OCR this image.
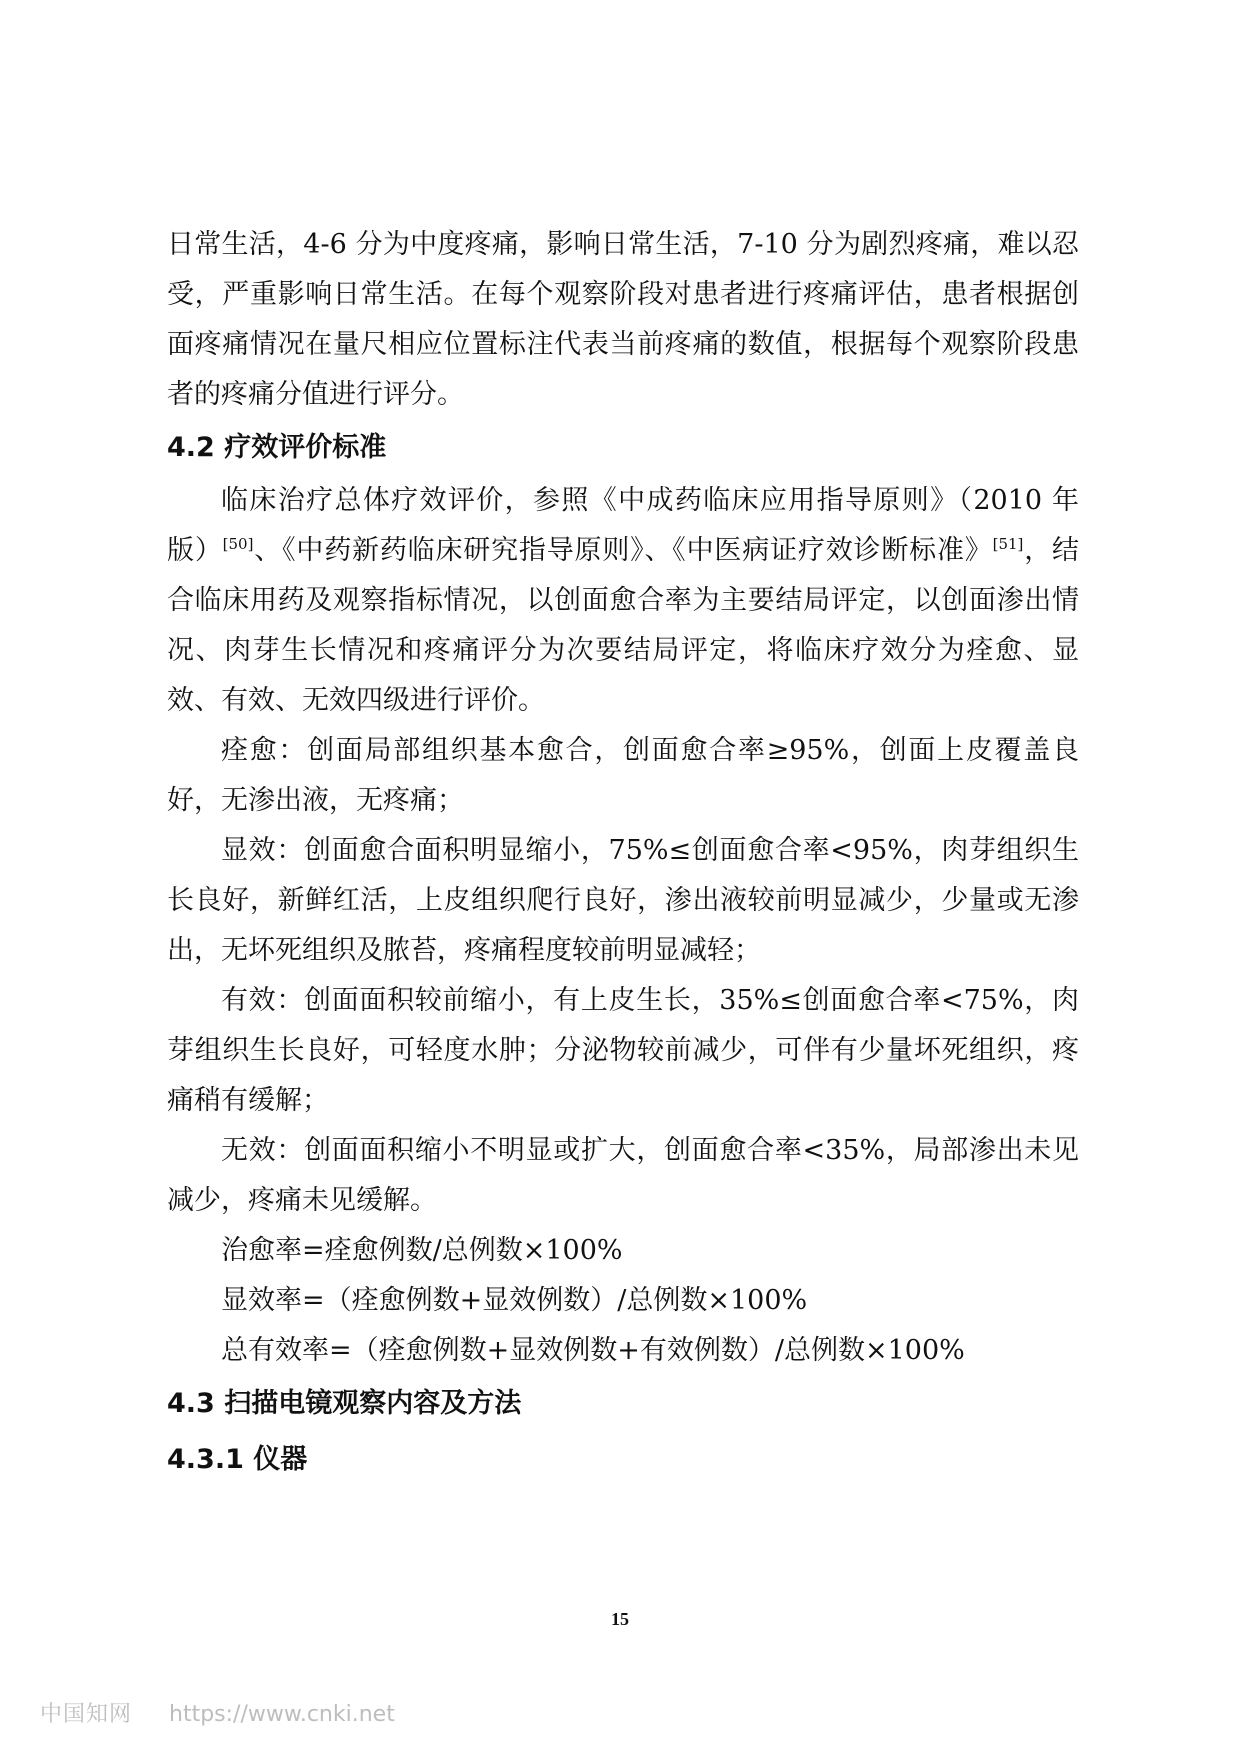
日常生活，4-6 分为中度疼痛，影响日常生活，7-10 分为剧烈疼痛，难以忍受，严重影响日常生活。在每个观察阶段对患者进行疼痛评估，患者根据创面疼痛情况在量尺相应位置标注代表当前疼痛的数值，根据每个观察阶段患者的疼痛分值进行评分。

4.2 疗效评价标准

临床治疗总体疗效评价，参照《中成药临床应用指导原则》（2010 年版）[50]、《中药新药临床研究指导原则》、《中医病证疗效诊断标准》[51]，结合临床用药及观察指标情况，以创面愈合率为主要结局评定，以创面渗出情况、肉芽生长情况和疼痛评分为次要结局评定，将临床疗效分为痊愈、显效、有效、无效四级进行评价。

痊愈：创面局部组织基本愈合，创面愈合率≥95%，创面上皮覆盖良好，无渗出液，无疼痛；

显效：创面愈合面积明显缩小，75%≤创面愈合率<95%，肉芽组织生长良好，新鲜红活，上皮组织爬行良好，渗出液较前明显减少，少量或无渗出，无坏死组织及脓苔，疼痛程度较前明显减轻；

有效：创面面积较前缩小，有上皮生长，35%≤创面愈合率<75%，肉芽组织生长良好，可轻度水肿；分泌物较前减少，可伴有少量坏死组织，疼痛稍有缓解；

无效：创面面积缩小不明显或扩大，创面愈合率<35%，局部渗出未见减少，疼痛未见缓解。

治愈率=痊愈例数/总例数×100%

显效率=（痊愈例数+显效例数）/总例数×100%

总有效率=（痊愈例数+显效例数+有效例数）/总例数×100%

4.3 扫描电镜观察内容及方法
4.3.1 仪器
15
中国知网 https://www.cnki.net
